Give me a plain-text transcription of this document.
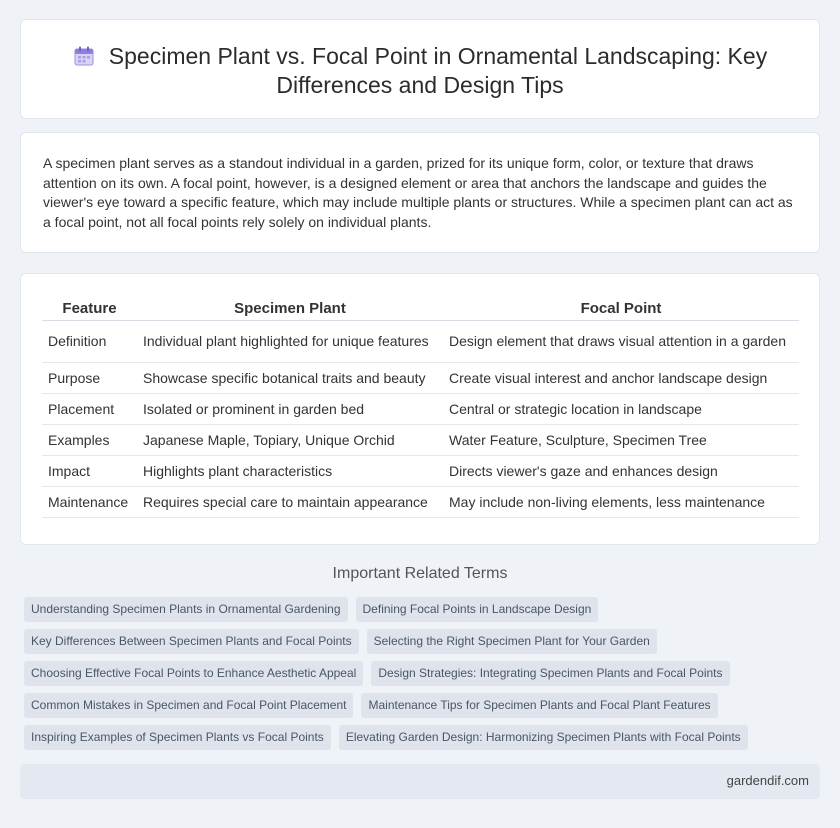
Specimen Plant vs. Focal Point in Ornamental Landscaping: Key Differences and Design Tips

A specimen plant serves as a standout individual in a garden, prized for its unique form, color, or texture that draws attention on its own. A focal point, however, is a designed element or area that anchors the landscape and guides the viewer's eye toward a specific feature, which may include multiple plants or structures. While a specimen plant can act as a focal point, not all focal points rely solely on individual plants.

Feature	Specimen Plant	Focal Point
Definition	Individual plant highlighted for unique features	Design element that draws visual attention in a garden
Purpose	Showcase specific botanical traits and beauty	Create visual interest and anchor landscape design
Placement	Isolated or prominent in garden bed	Central or strategic location in landscape
Examples	Japanese Maple, Topiary, Unique Orchid	Water Feature, Sculpture, Specimen Tree
Impact	Highlights plant characteristics	Directs viewer's gaze and enhances design
Maintenance	Requires special care to maintain appearance	May include non-living elements, less maintenance
Important Related Terms
Understanding Specimen Plants in Ornamental Gardening	Defining Focal Points in Landscape Design
Key Differences Between Specimen Plants and Focal Points	Selecting the Right Specimen Plant for Your Garden
Choosing Effective Focal Points to Enhance Aesthetic Appeal	Design Strategies: Integrating Specimen Plants and Focal Points
Common Mistakes in Specimen and Focal Point Placement	Maintenance Tips for Specimen Plants and Focal Plant Features
Inspiring Examples of Specimen Plants vs Focal Points	Elevating Garden Design: Harmonizing Specimen Plants with Focal Points
gardendif.com
